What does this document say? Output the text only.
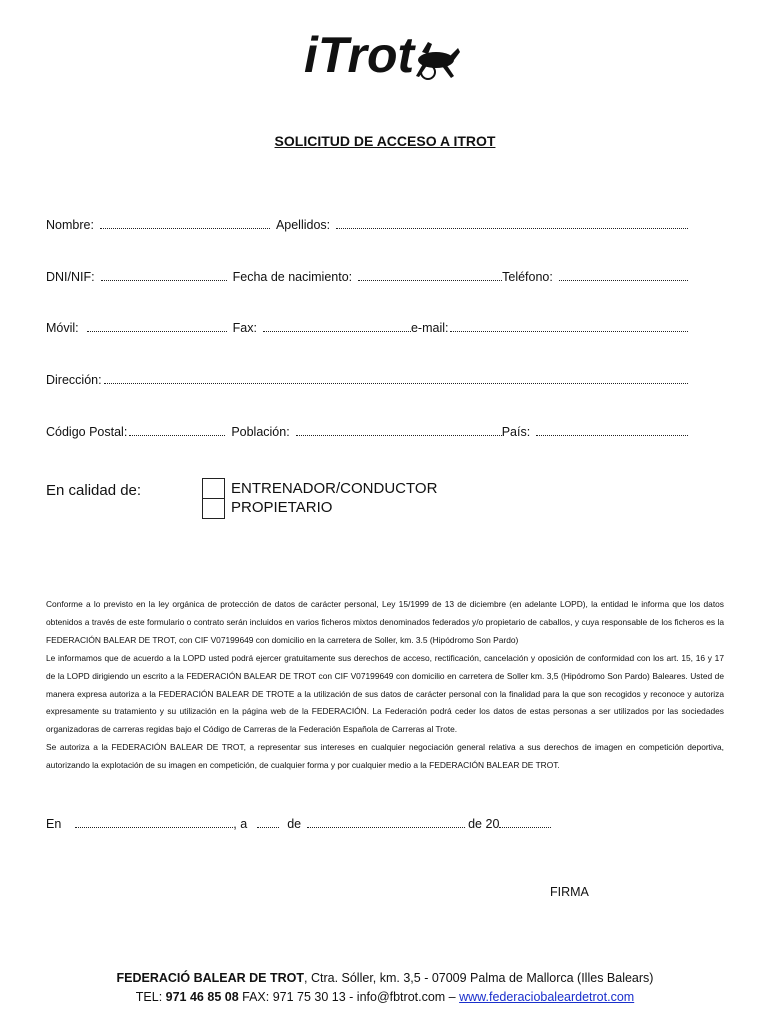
iTrot
SOLICITUD DE ACCESO A ITROT
Nombre:	Apellidos:
DNI/NIF:	Fecha de nacimiento:	Teléfono:
Móvil:	Fax:	e-mail:
Dirección:
Código Postal:	Población:	País:
En calidad de:	ENTRENADOR/CONDUCTOR
PROPIETARIO

Conforme a lo previsto en la ley orgánica de protección de datos de carácter personal, Ley 15/1999 de 13 de diciembre (en adelante LOPD), la entidad le informa que los datos obtenidos a través de este formulario o contrato serán incluidos en varios ficheros mixtos denominados federados y/o propietario de caballos, y cuya responsable de los ficheros es la FEDERACIÓN BALEAR DE TROT, con CIF V07199649 con domicilio en la carretera de Soller, km. 3.5 (Hipódromo Son Pardo)

Le informamos que de acuerdo a la LOPD usted podrá ejercer gratuitamente sus derechos de acceso, rectificación, cancelación y oposición de conformidad con los art. 15, 16 y 17 de la LOPD dirigiendo un escrito a la FEDERACIÓN BALEAR DE TROT con CIF V07199649 con domicilio en carretera de Soller km. 3,5 (Hipódromo Son Pardo) Baleares. Usted de manera expresa autoriza a la FEDERACIÓN BALEAR DE TROTE a la utilización de sus datos de carácter personal con la finalidad para la que son recogidos y reconoce y autoriza expresamente su tratamiento y su utilización en la página web de la FEDERACIÓN. La Federación podrá ceder los datos de estas personas a ser utilizados por las sociedades organizadoras de carreras regidas bajo el Código de Carreras de la Federación Española de Carreras al Trote.

Se autoriza a la FEDERACIÓN BALEAR DE TROT, a representar sus intereses en cualquier negociación general relativa a sus derechos de imagen en competición deportiva, autorizando la explotación de su imagen en competición, de cualquier forma y por cualquier medio a la FEDERACIÓN BALEAR DE TROT.

En	, a	de	de 20
FIRMA
FEDERACIÓ BALEAR DE TROT, Ctra. Sóller, km. 3,5 - 07009 Palma de Mallorca (Illes Balears)
TEL: 971 46 85 08 FAX: 971 75 30 13 - info@fbtrot.com – www.federaciobaleardetrot.com
